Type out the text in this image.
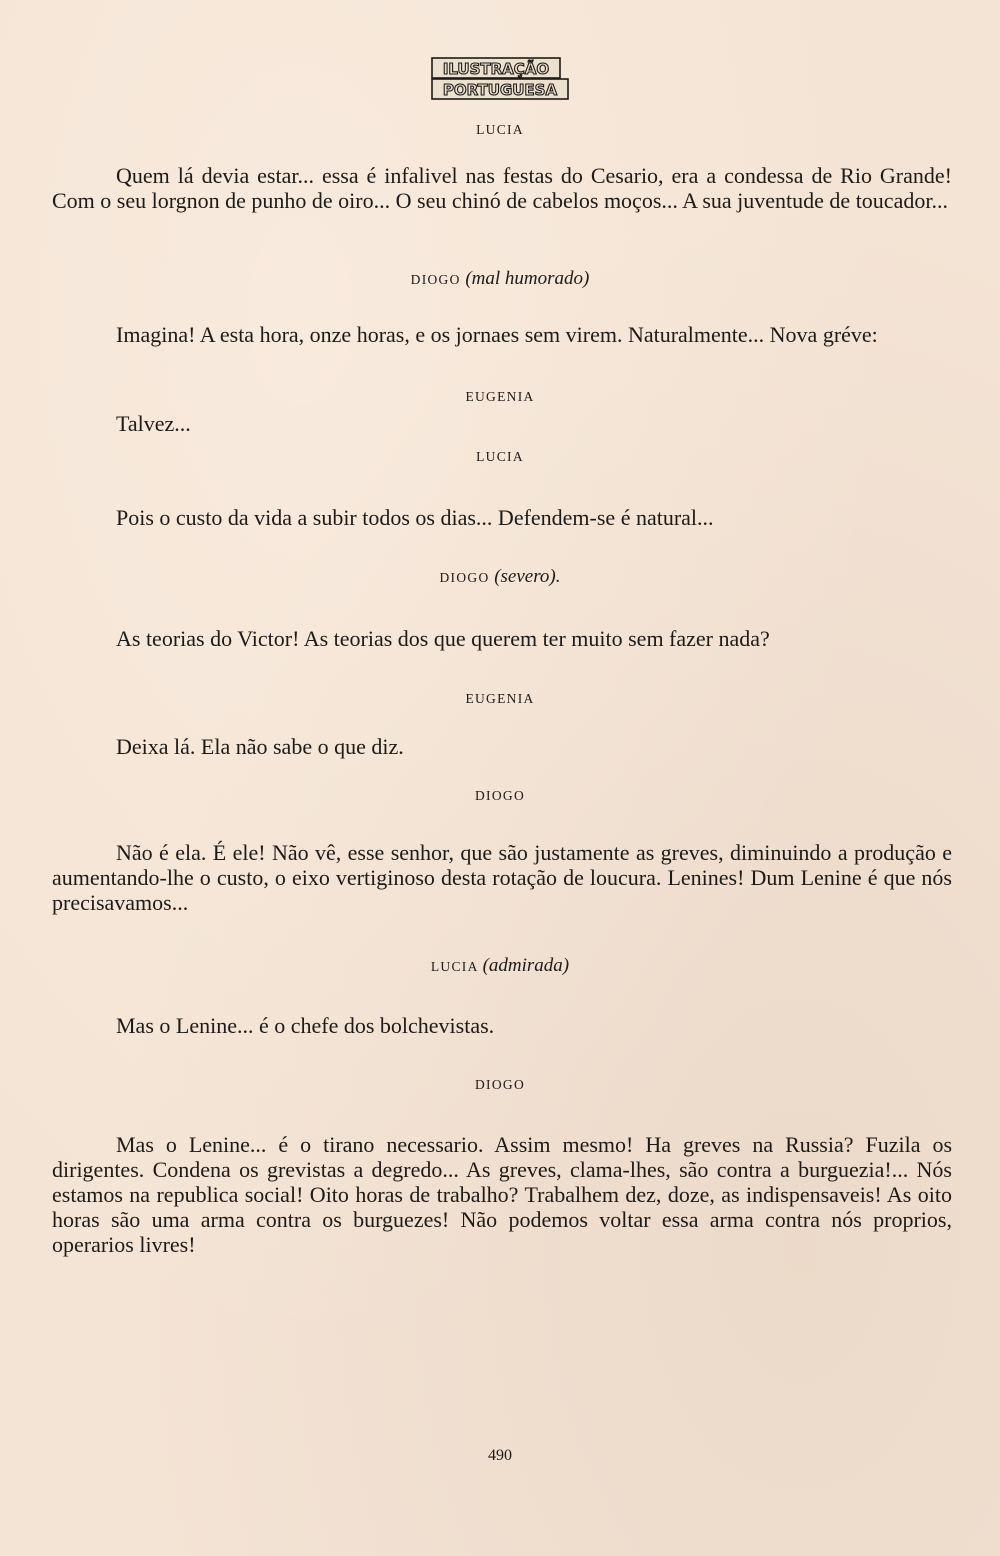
ILUSTRAÇÃO
PORTUGUESA
LUCIA

Quem lá devia estar... essa é infalivel nas festas do Cesario, era a condessa de Rio Grande! Com o seu lorgnon de punho de oiro... O seu chinó de cabelos moços... A sua juventude de toucador...

DIOGO (mal humorado)

Imagina! A esta hora, onze horas, e os jornaes sem virem. Naturalmente... Nova gréve:

EUGENIA

Talvez...

LUCIA

Pois o custo da vida a subir todos os dias... Defendem-se é natural...

DIOGO (severo).

As teorias do Victor! As teorias dos que querem ter muito sem fazer nada?

EUGENIA

Deixa lá. Ela não sabe o que diz.

DIOGO

Não é ela. É ele! Não vê, esse senhor, que são justamente as greves, diminuindo a produção e aumentando-lhe o custo, o eixo vertiginoso desta rotação de loucura. Lenines! Dum Lenine é que nós precisavamos...

LUCIA (admirada)

Mas o Lenine... é o chefe dos bolchevistas.

DIOGO

Mas o Lenine... é o tirano necessario. Assim mesmo! Ha greves na Russia? Fuzila os dirigentes. Condena os grevistas a degredo... As greves, clama-lhes, são contra a burguezia!... Nós estamos na republica social! Oito horas de trabalho? Trabalhem dez, doze, as indispensaveis! As oito horas são uma arma contra os burguezes! Não podemos voltar essa arma contra nós proprios, operarios livres!

490
